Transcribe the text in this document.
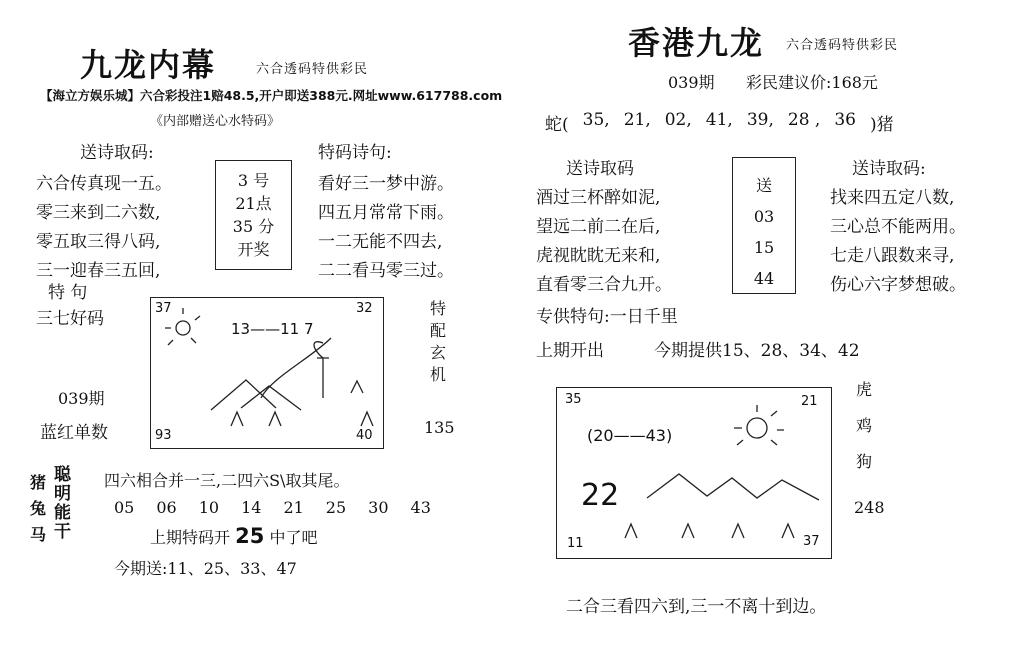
九龙内幕	六合透码特供彩民
【海立方娱乐城】六合彩投注1赔48.5,开户即送388元.网址www.617788.com
《内部赠送心水特码》
送诗取码:
六合传真现一五。
零三来到二六数,
零五取三得八码,
三一迎春三五回,
3 号
21点
35 分
开奖
特码诗句:
看好三一梦中游。
四五月常常下雨。
一二无能不四去,
二二看马零三过。
特 句
三七好码
039期
蓝红单数
37	32
93	40
13——11 7
特
配
玄
机
135
猪
兔
马
聪
明
能
干
四六相合并一三,二四六S\取其尾。
05 06 10 14 21 25 30 43
上期特码开 25 中了吧
今期送:11、25、33、47
香港九龙 六合透码特供彩民
039期 彩民建议价:168元
蛇( 35, 21, 02, 41, 39, 28 , 36 )猪
送诗取码
酒过三杯醉如泥,
望远二前二在后,
虎视眈眈无来和,
直看零三合九开。
送
03
15
44
送诗取码:
找来四五定八数,
三心总不能两用。
七走八跟数来寻,
伤心六字梦想破。
专供特句:一日千里
上期开出	今期提供15、28、34、42
35	21
11	37
22
(20——43)
虎
鸡
狗
248
二合三看四六到,三一不离十到边。
